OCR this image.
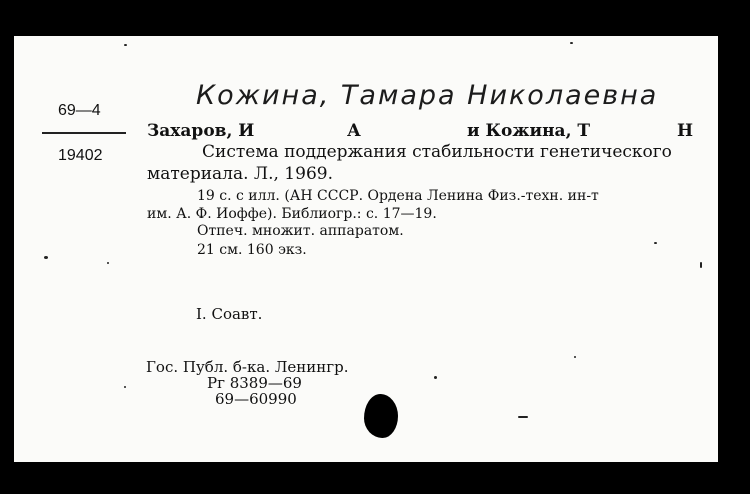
69—4
19402
Кожина, Тамара Николаевна
Захаров, И	А	и Кожина, Т	Н
Система поддержания стабильности генетического
материала. Л., 1969.
19 с. с илл. (АН СССР. Ордена Ленина Физ.-техн. ин-т
им. А. Ф. Иоффе). Библиогр.: с. 17—19.
Отпеч. множит. аппаратом.
21 см. 160 экз.
I. Соавт.
Гос. Публ. б-ка. Ленингр.
Рг 8389—69
69—60990
